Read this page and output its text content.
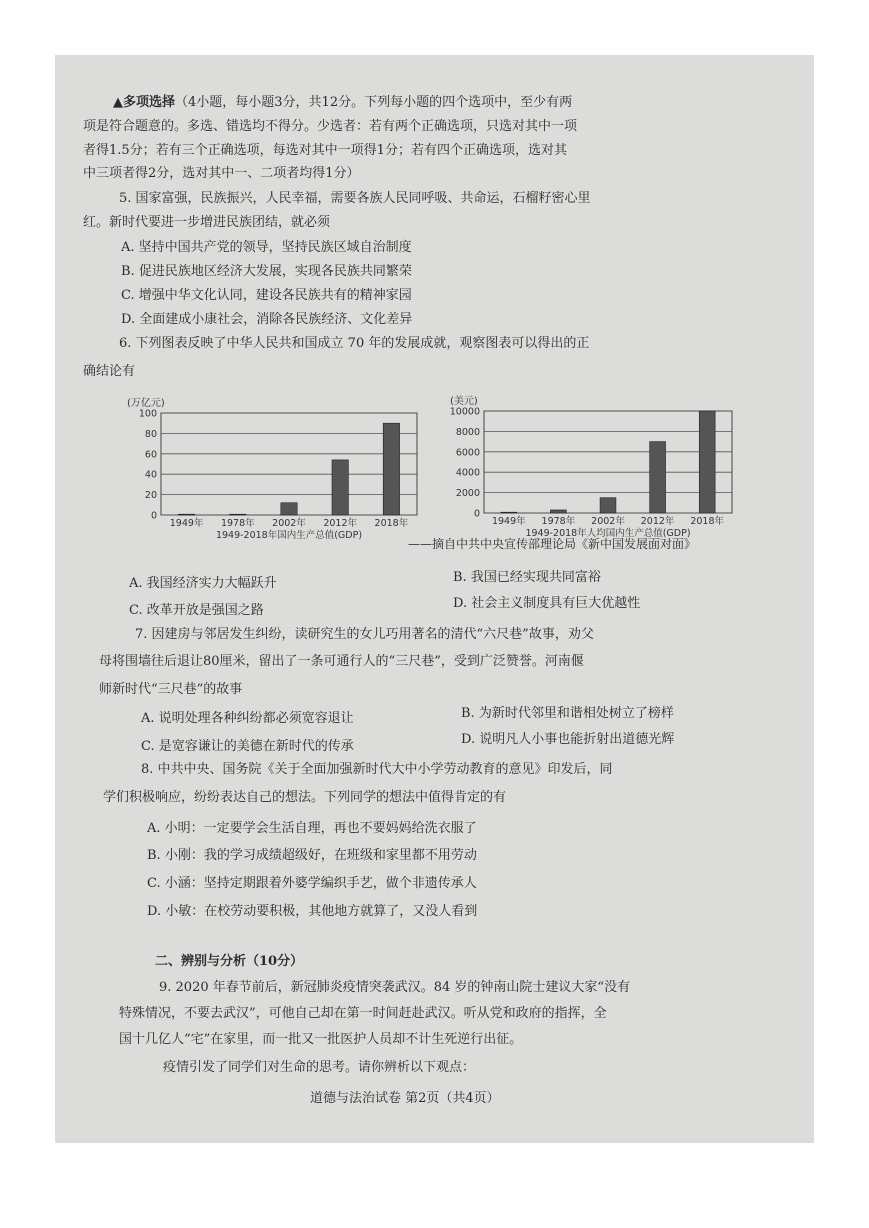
▲多项选择（4小题，每小题3分，共12分。下列每小题的四个选项中，至少有两
项是符合题意的。多选、错选均不得分。少选者：若有两个正确选项，只选对其中一项
者得1.5分；若有三个正确选项，每选对其中一项得1分；若有四个正确选项，选对其
中三项者得2分，选对其中一、二项者均得1分）
5. 国家富强，民族振兴，人民幸福，需要各族人民同呼吸、共命运，石榴籽密心里
红。新时代要进一步增进民族团结，就必须
A. 坚持中国共产党的领导，坚持民族区域自治制度
B. 促进民族地区经济大发展，实现各民族共同繁荣
C. 增强中华文化认同，建设各民族共有的精神家园
D. 全面建成小康社会，消除各民族经济、文化差异
6. 下列图表反映了中华人民共和国成立 70 年的发展成就，观察图表可以得出的正
确结论有
(万亿元)
0
20
40
60
80
100
1949年 1978年 2002年 2012年 2018年
1949-2018年国内生产总值(GDP)
(美元)
0
2000
4000
6000
8000
10000
1949年 1978年 2002年 2012年 2018年
1949-2018年人均国内生产总值(GDP)
——摘自中共中央宣传部理论局《新中国发展面对面》
A. 我国经济实力大幅跃升	B. 我国已经实现共同富裕
C. 改革开放是强国之路	D. 社会主义制度具有巨大优越性
7. 因建房与邻居发生纠纷，读研究生的女儿巧用著名的清代“六尺巷”故事，劝父
母将围墙往后退让80厘米，留出了一条可通行人的“三尺巷”，受到广泛赞誉。河南偃
师新时代“三尺巷”的故事
A. 说明处理各种纠纷都必须宽容退让	B. 为新时代邻里和谐相处树立了榜样
C. 是宽容谦让的美德在新时代的传承	D. 说明凡人小事也能折射出道德光辉
8. 中共中央、国务院《关于全面加强新时代大中小学劳动教育的意见》印发后，同
学们积极响应，纷纷表达自己的想法。下列同学的想法中值得肯定的有
A. 小明：一定要学会生活自理，再也不要妈妈给洗衣服了
B. 小刚：我的学习成绩超级好，在班级和家里都不用劳动
C. 小涵：坚持定期跟着外婆学编织手艺，做个非遗传承人
D. 小敏：在校劳动要积极，其他地方就算了，又没人看到
二、辨别与分析（10分）
9. 2020 年春节前后，新冠肺炎疫情突袭武汉。84 岁的钟南山院士建议大家“没有
特殊情况，不要去武汉”，可他自己却在第一时间赶赴武汉。听从党和政府的指挥，全
国十几亿人“宅”在家里，而一批又一批医护人员却不计生死逆行出征。
疫情引发了同学们对生命的思考。请你辨析以下观点：
道德与法治试卷 第2页（共4页）
